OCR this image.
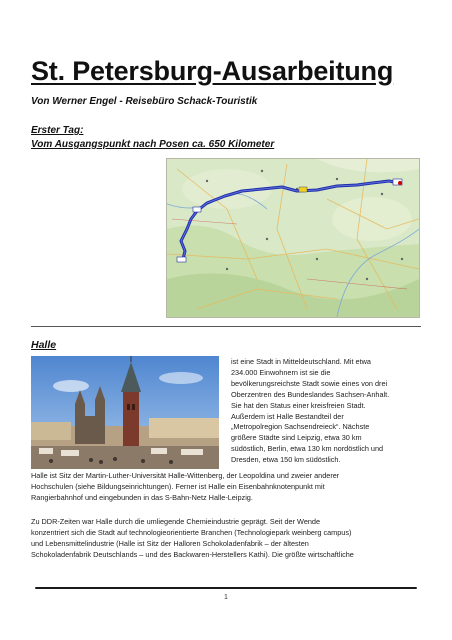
St. Petersburg-Ausarbeitung
Von Werner Engel - Reisebüro Schack-Touristik
Erster Tag:
Vom Ausgangspunkt nach Posen ca. 650 Kilometer
Halle
ist eine Stadt in Mitteldeutschland. Mit etwa
234.000 Einwohnern ist sie die
bevölkerungsreichste Stadt sowie eines von drei
Oberzentren des Bundeslandes Sachsen-Anhalt.
Sie hat den Status einer kreisfreien Stadt.
Außerdem ist Halle Bestandteil der
„Metropolregion Sachsendreieck“. Nächste
größere Städte sind Leipzig, etwa 30 km
südöstlich, Berlin, etwa 130 km nordöstlich und
Dresden, etwa 150 km südöstlich.
Halle ist Sitz der Martin-Luther-Universität Halle-Wittenberg, der Leopoldina und zweier anderer
Hochschulen (siehe Bildungseinrichtungen). Ferner ist Halle ein Eisenbahnknotenpunkt mit
Rangierbahnhof und eingebunden in das S-Bahn-Netz Halle-Leipzig.
Zu DDR-Zeiten war Halle durch die umliegende Chemieindustrie geprägt. Seit der Wende
konzentriert sich die Stadt auf technologieorientierte Branchen (Technologiepark weinberg campus)
und Lebensmittelindustrie (Halle ist Sitz der Halloren Schokoladenfabrik – der ältesten
Schokoladenfabrik Deutschlands – und des Backwaren-Herstellers Kathi). Die größte wirtschaftliche
1
